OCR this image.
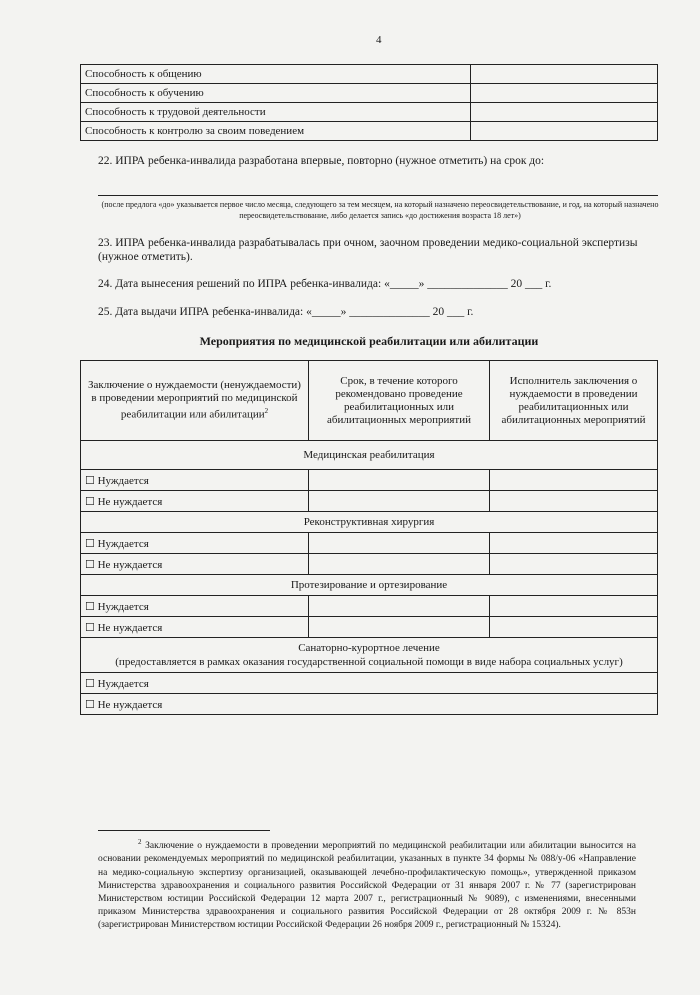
4
Способность к общению	
Способность к обучению	
Способность к трудовой деятельности	
Способность к контролю за своим поведением	
22. ИПРА ребенка-инвалида разработана впервые, повторно (нужное отметить) на срок до:
(после предлога «до» указывается первое число месяца, следующего за тем месяцем, на который назначено переосвидетельствование, и год, на который назначено переосвидетельствование, либо делается запись «до достижения возраста 18 лет»)
23. ИПРА ребенка-инвалида разрабатывалась при очном, заочном проведении медико-социальной экспертизы (нужное отметить).
24. Дата вынесения решений по ИПРА ребенка-инвалида: «_____» ______________ 20 ___ г.
25. Дата выдачи ИПРА ребенка-инвалида: «_____» ______________ 20 ___ г.
Мероприятия по медицинской реабилитации или абилитации
Заключение о нуждаемости (ненуждаемости) в проведении мероприятий по медицинской реабилитации или абилитации$^2$	Срок, в течение которого рекомендовано проведение реабилитационных или абилитационных мероприятий	Исполнитель заключения о нуждаемости в проведении реабилитационных или абилитационных мероприятий
Медицинская реабилитация		
☐ Нуждается		
☐ Не нуждается		
Реконструктивная хирургия		
☐ Нуждается		
☐ Не нуждается		
Протезирование и ортезирование		
☐ Нуждается		
☐ Не нуждается		

Санаторно-курортное лечение
(предоставляется в рамках оказания государственной социальной помощи в виде набора социальных услуг)		

☐ Нуждается		
☐ Не нуждается		
$^2$ Заключение о нуждаемости в проведении мероприятий по медицинской реабилитации или абилитации выносится на основании рекомендуемых мероприятий по медицинской реабилитации, указанных в пункте 34 формы № 088/у-06 «Направление на медико-социальную экспертизу организацией, оказывающей лечебно-профилактическую помощь», утвержденной приказом Министерства здравоохранения и социального развития Российской Федерации от 31 января 2007 г. № 77 (зарегистрирован Министерством юстиции Российской Федерации 12 марта 2007 г., регистрационный № 9089), с изменениями, внесенными приказом Министерства здравоохранения и социального развития Российской Федерации от 28 октября 2009 г. № 853н (зарегистрирован Министерством юстиции Российской Федерации 26 ноября 2009 г., регистрационный № 15324).
